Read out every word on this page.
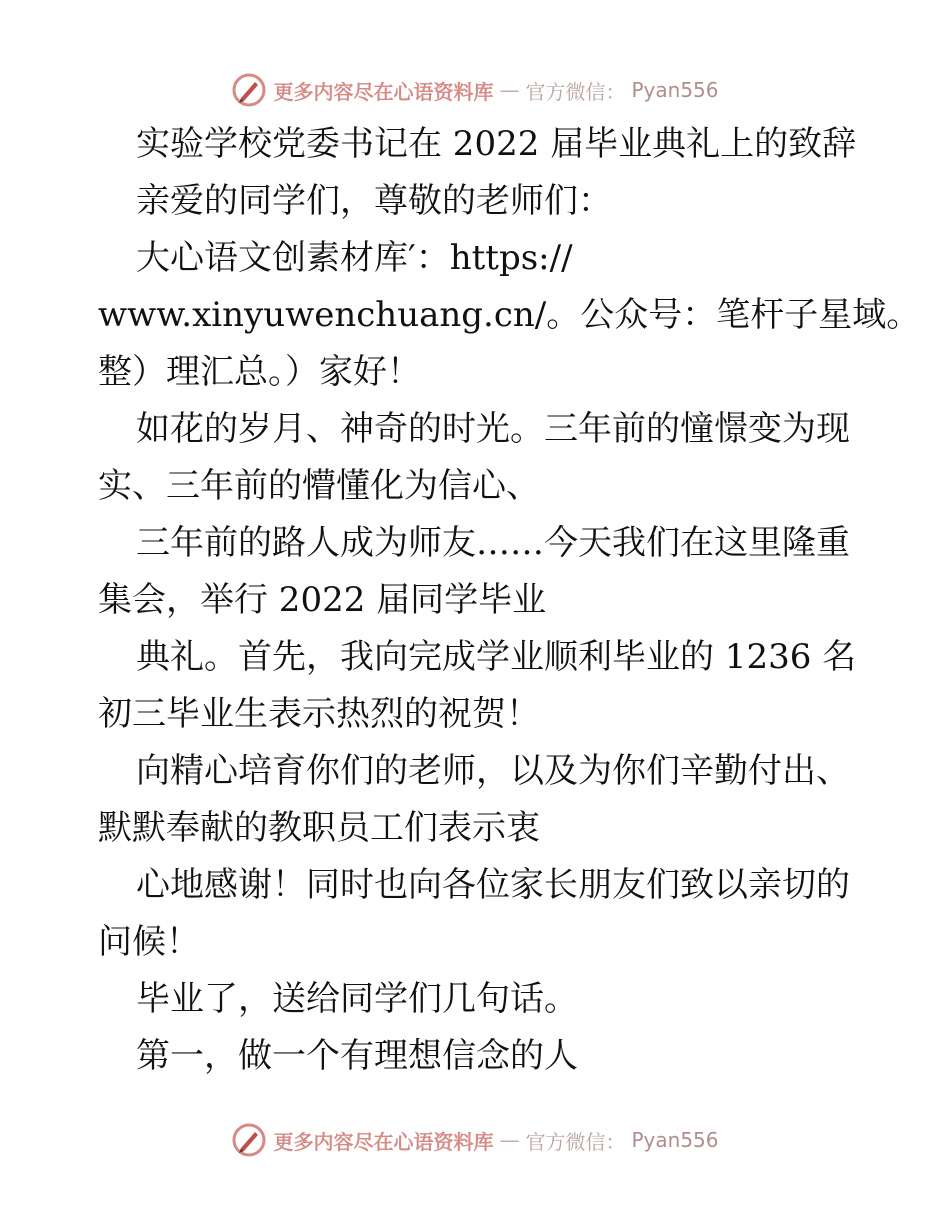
更多内容尽在心语资料库 — 官方微信： Pyan556
实验学校党委书记在 2022 届毕业典礼上的致辞
亲爱的同学们，尊敬的老师们：
大心语文创素材库′：https://
www.xinyuwenchuang.cn/。公众号：笔杆子星域。
整）理汇总。）家好！
如花的岁月、神奇的时光。三年前的憧憬变为现
实、三年前的懵懂化为信心、
三年前的路人成为师友……今天我们在这里隆重
集会，举行 2022 届同学毕业
典礼。首先，我向完成学业顺利毕业的 1236 名
初三毕业生表示热烈的祝贺！
向精心培育你们的老师，以及为你们辛勤付出、
默默奉献的教职员工们表示衷
心地感谢！同时也向各位家长朋友们致以亲切的
问候！
毕业了，送给同学们几句话。
第一，做一个有理想信念的人
更多内容尽在心语资料库 — 官方微信： Pyan556
